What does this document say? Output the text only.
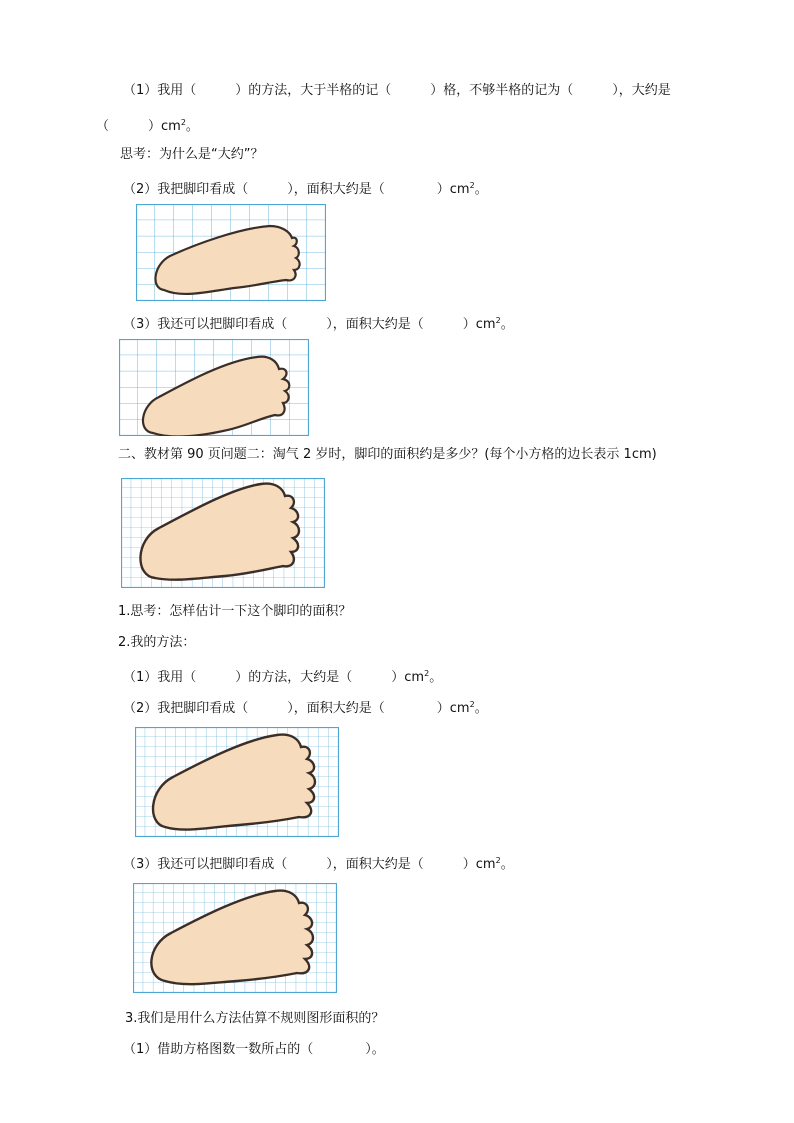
（1）我用（　　　）的方法，大于半格的记（　　　）格，不够半格的记为（　　　），大约是
（　　　）$cm^2$。
思考：为什么是“大约”？
（2）我把脚印看成（　　　），面积大约是（　　　　）$cm^2$。
（3）我还可以把脚印看成（　　　），面积大约是（　　　）$cm^2$。
二、教材第 90 页问题二：淘气 2 岁时，脚印的面积约是多少？(每个小方格的边长表示 1cm)
1.思考：怎样估计一下这个脚印的面积？
2.我的方法：
（1）我用（　　　）的方法，大约是（　　　）$cm^2$。
（2）我把脚印看成（　　　），面积大约是（　　　　）$cm^2$。
（3）我还可以把脚印看成（　　　），面积大约是（　　　）$cm^2$。
3.我们是用什么方法估算不规则图形面积的？
（1）借助方格图数一数所占的（　　　　）。
